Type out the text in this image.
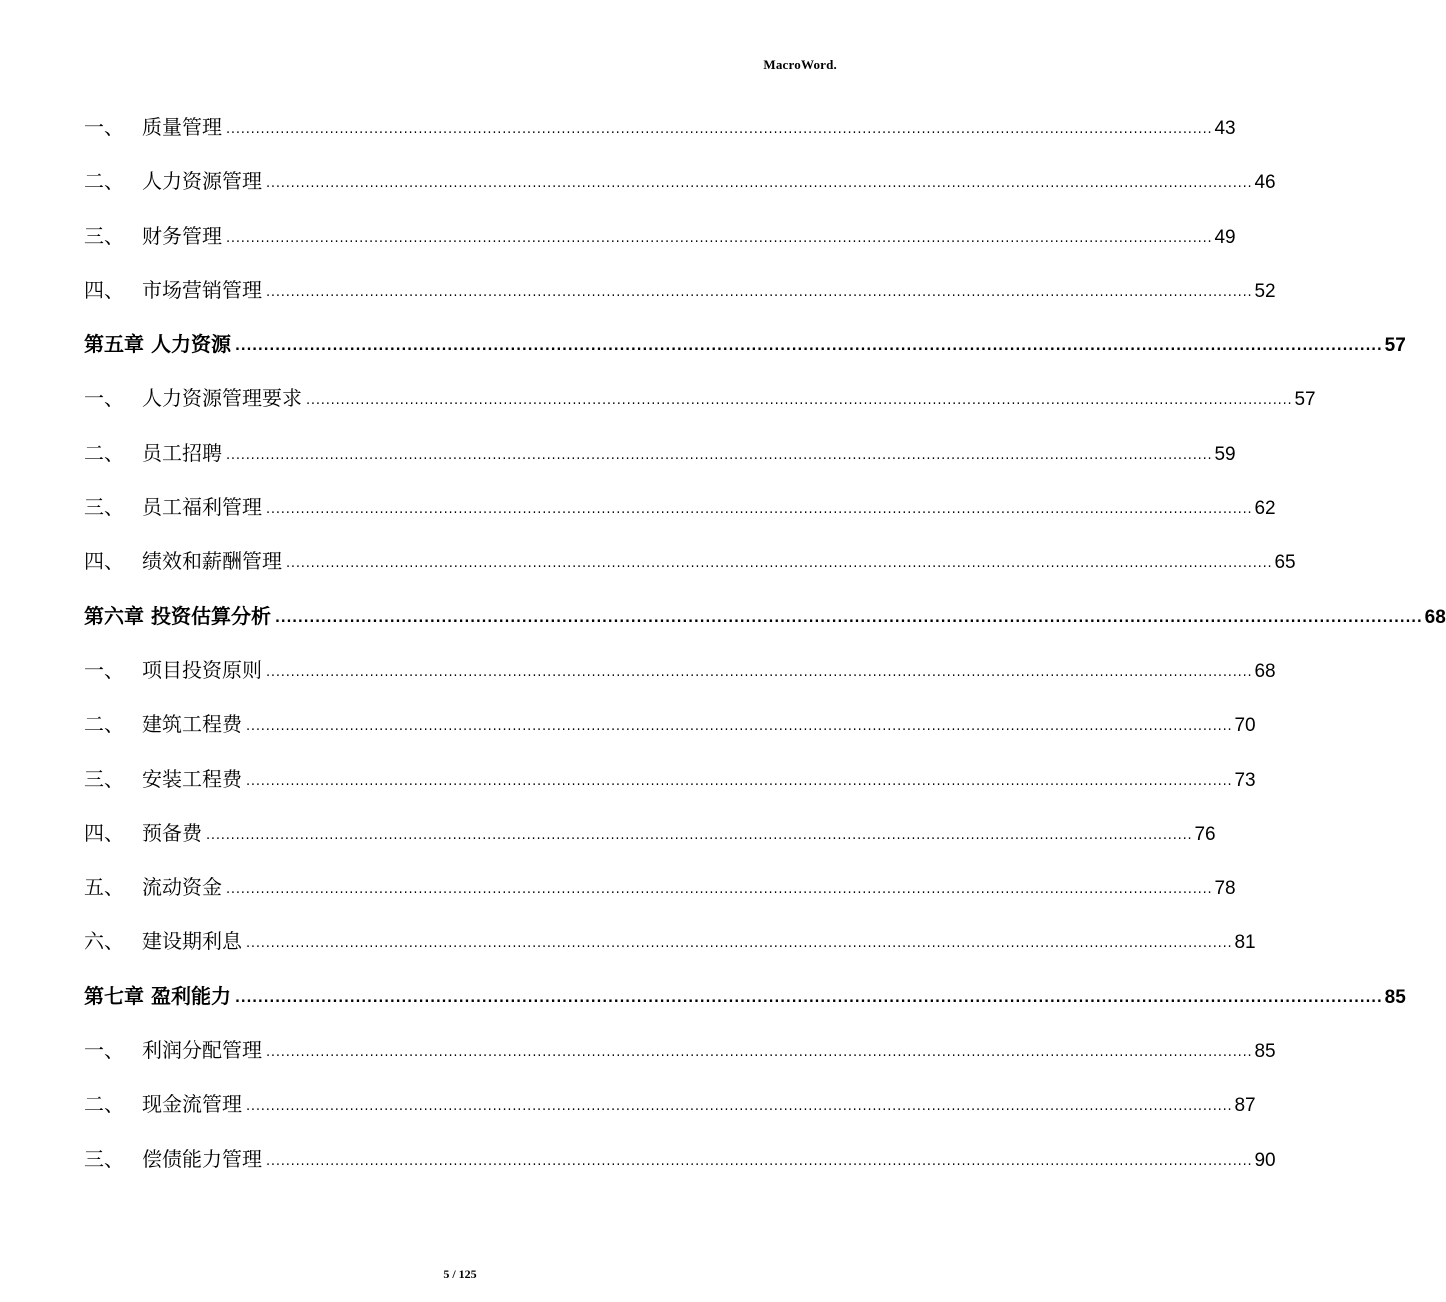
MacroWord.
一、 质量管理 ........................................................................................................................................................................................................ 43
二、 人力资源管理 ........................................................................................................................................................................................................ 46
三、 财务管理 ........................................................................................................................................................................................................ 49
四、 市场营销管理 ........................................................................................................................................................................................................ 52
第五章 人力资源 ........................................................................................................................................................................................................ 57
一、 人力资源管理要求 ........................................................................................................................................................................................................ 57
二、 员工招聘 ........................................................................................................................................................................................................ 59
三、 员工福利管理 ........................................................................................................................................................................................................ 62
四、 绩效和薪酬管理 ........................................................................................................................................................................................................ 65
第六章 投资估算分析 ........................................................................................................................................................................................................ 68
一、 项目投资原则 ........................................................................................................................................................................................................ 68
二、 建筑工程费 ........................................................................................................................................................................................................ 70
三、 安装工程费 ........................................................................................................................................................................................................ 73
四、 预备费 ........................................................................................................................................................................................................ 76
五、 流动资金 ........................................................................................................................................................................................................ 78
六、 建设期利息 ........................................................................................................................................................................................................ 81
第七章 盈利能力 ........................................................................................................................................................................................................ 85
一、 利润分配管理 ........................................................................................................................................................................................................ 85
二、 现金流管理 ........................................................................................................................................................................................................ 87
三、 偿债能力管理 ........................................................................................................................................................................................................ 90
5 / 125
